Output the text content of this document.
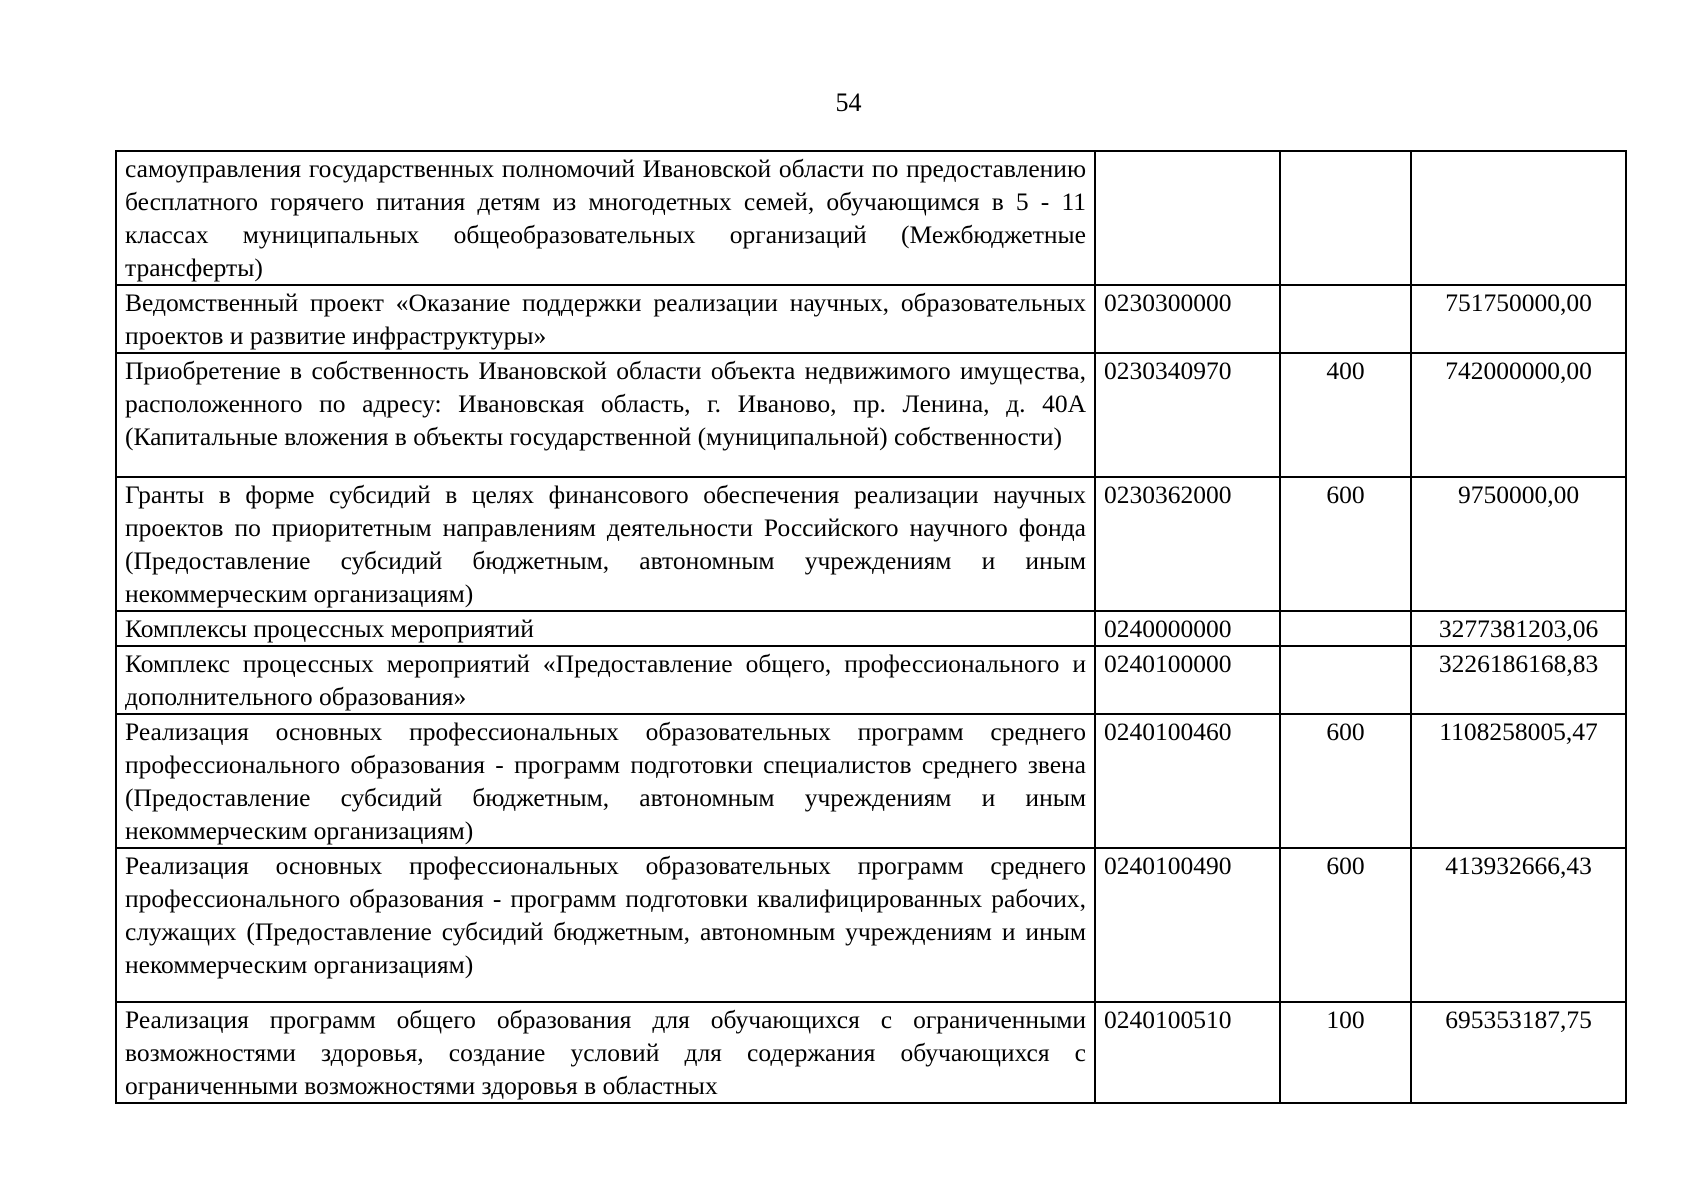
54
самоуправления государственных полномочий Ивановской области по предоставлению бесплатного горячего питания детям из многодетных семей, обучающимся в 5 - 11 классах муниципальных общеобразовательных организаций (Межбюджетные трансферты)			
Ведомственный проект «Оказание поддержки реализации научных, образовательных проектов и развитие инфраструктуры»	0230300000		751750000,00
Приобретение в собственность Ивановской области объекта недвижимого имущества, расположенного по адресу: Ивановская область, г. Иваново, пр. Ленина, д. 40А (Капитальные вложения в объекты государственной (муниципальной) собственности)	0230340970	400	742000000,00
Гранты в форме субсидий в целях финансового обеспечения реализации научных проектов по приоритетным направлениям деятельности Российского научного фонда (Предоставление субсидий бюджетным, автономным учреждениям и иным некоммерческим организациям)	0230362000	600	9750000,00
Комплексы процессных мероприятий	0240000000		3277381203,06
Комплекс процессных мероприятий «Предоставление общего, профессионального и дополнительного образования»	0240100000		3226186168,83
Реализация основных профессиональных образовательных программ среднего профессионального образования - программ подготовки специалистов среднего звена (Предоставление субсидий бюджетным, автономным учреждениям и иным некоммерческим организациям)	0240100460	600	1108258005,47
Реализация основных профессиональных образовательных программ среднего профессионального образования - программ подготовки квалифицированных рабочих, служащих (Предоставление субсидий бюджетным, автономным учреждениям и иным некоммерческим организациям)	0240100490	600	413932666,43
Реализация программ общего образования для обучающихся с ограниченными возможностями здоровья, создание условий для содержания обучающихся с ограниченными возможностями здоровья в областных	0240100510	100	695353187,75
